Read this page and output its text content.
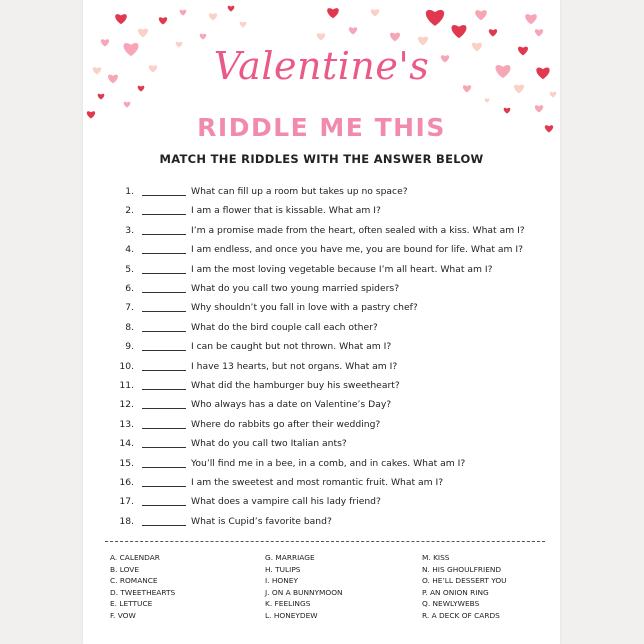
Valentine's
RIDDLE ME THIS
MATCH THE RIDDLES WITH THE ANSWER BELOW
1.	What can fill up a room but takes up no space?
2.	I am a flower that is kissable. What am I?
3.	I’m a promise made from the heart, often sealed with a kiss. What am I?
4.	I am endless, and once you have me, you are bound for life. What am I?
5.	I am the most loving vegetable because I’m all heart. What am I?
6.	What do you call two young married spiders?
7.	Why shouldn’t you fall in love with a pastry chef?
8.	What do the bird couple call each other?
9.	I can be caught but not thrown. What am I?
10.	I have 13 hearts, but not organs. What am I?
11.	What did the hamburger buy his sweetheart?
12.	Who always has a date on Valentine’s Day?
13.	Where do rabbits go after their wedding?
14.	What do you call two Italian ants?
15.	You’ll find me in a bee, in a comb, and in cakes. What am I?
16.	I am the sweetest and most romantic fruit. What am I?
17.	What does a vampire call his lady friend?
18.	What is Cupid’s favorite band?
A. CALENDAR
B. LOVE
C. ROMANCE
D. TWEETHEARTS
E. LETTUCE
F. VOW
G. MARRIAGE
H. TULIPS
I. HONEY
J. ON A BUNNYMOON
K. FEELINGS
L. HONEYDEW
M. KISS
N. HIS GHOULFRIEND
O. HE’LL DESSERT YOU
P. AN ONION RING
Q. NEWLYWEBS
R. A DECK OF CARDS
